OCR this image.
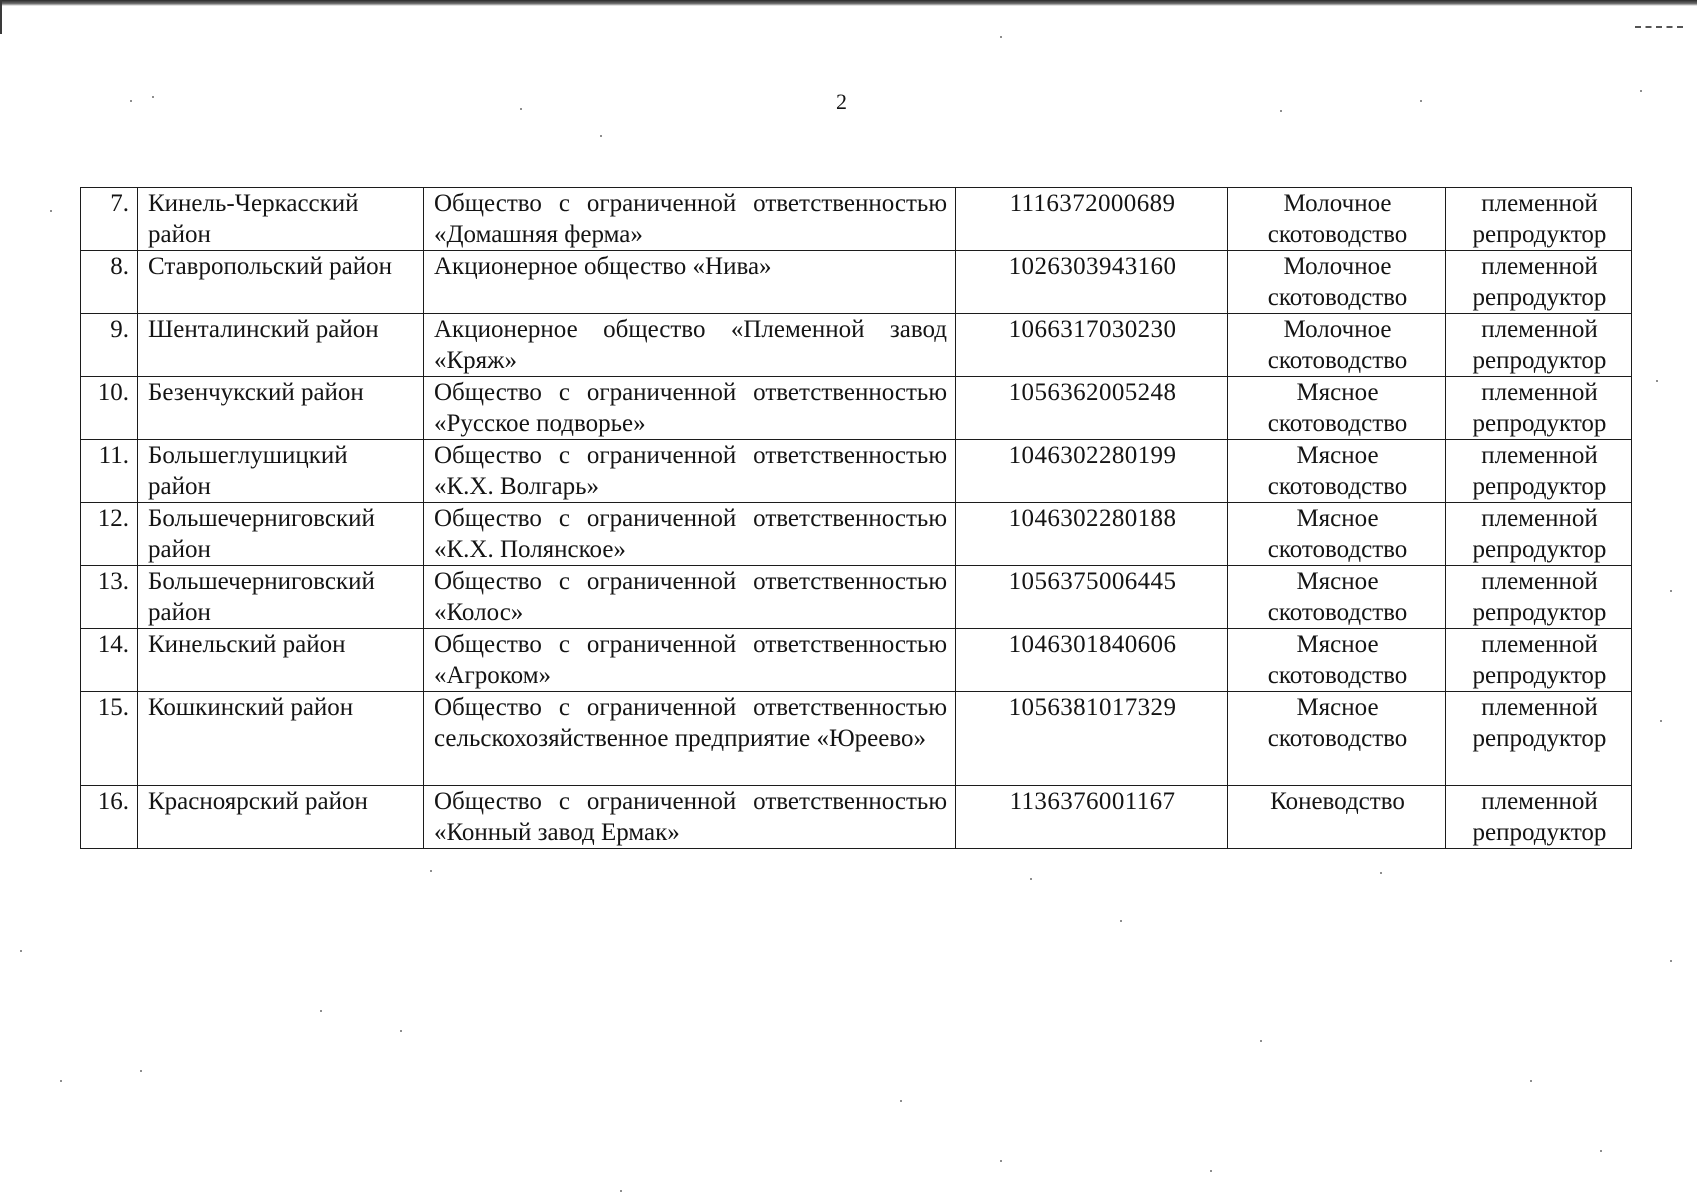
2
7.	Кинель-Черкасский район	Общество с ограниченной ответственностью «Домашняя ферма»	1116372000689	Молочное скотоводство	племенной репродуктор
8.	Ставропольский район	Акционерное общество «Нива»	1026303943160	Молочное скотоводство	племенной репродуктор
9.	Шенталинский район	Акционерное общество «Племенной завод «Кряж»	1066317030230	Молочное скотоводство	племенной репродуктор
10.	Безенчукский район	Общество с ограниченной ответственностью «Русское подворье»	1056362005248	Мясное скотоводство	племенной репродуктор
11.	Большеглушицкий район	Общество с ограниченной ответственностью «К.Х. Волгарь»	1046302280199	Мясное скотоводство	племенной репродуктор
12.	Большечерниговский район	Общество с ограниченной ответственностью «К.Х. Полянское»	1046302280188	Мясное скотоводство	племенной репродуктор
13.	Большечерниговский район	Общество с ограниченной ответственностью «Колос»	1056375006445	Мясное скотоводство	племенной репродуктор
14.	Кинельский район	Общество с ограниченной ответственностью «Агроком»	1046301840606	Мясное скотоводство	племенной репродуктор
15.	Кошкинский район	Общество с ограниченной ответственностью сельскохозяйственное предприятие «Юреево»	1056381017329	Мясное скотоводство	племенной репродуктор
16.	Красноярский район	Общество с ограниченной ответственностью «Конный завод Ермак»	1136376001167	Коневодство	племенной репродуктор
